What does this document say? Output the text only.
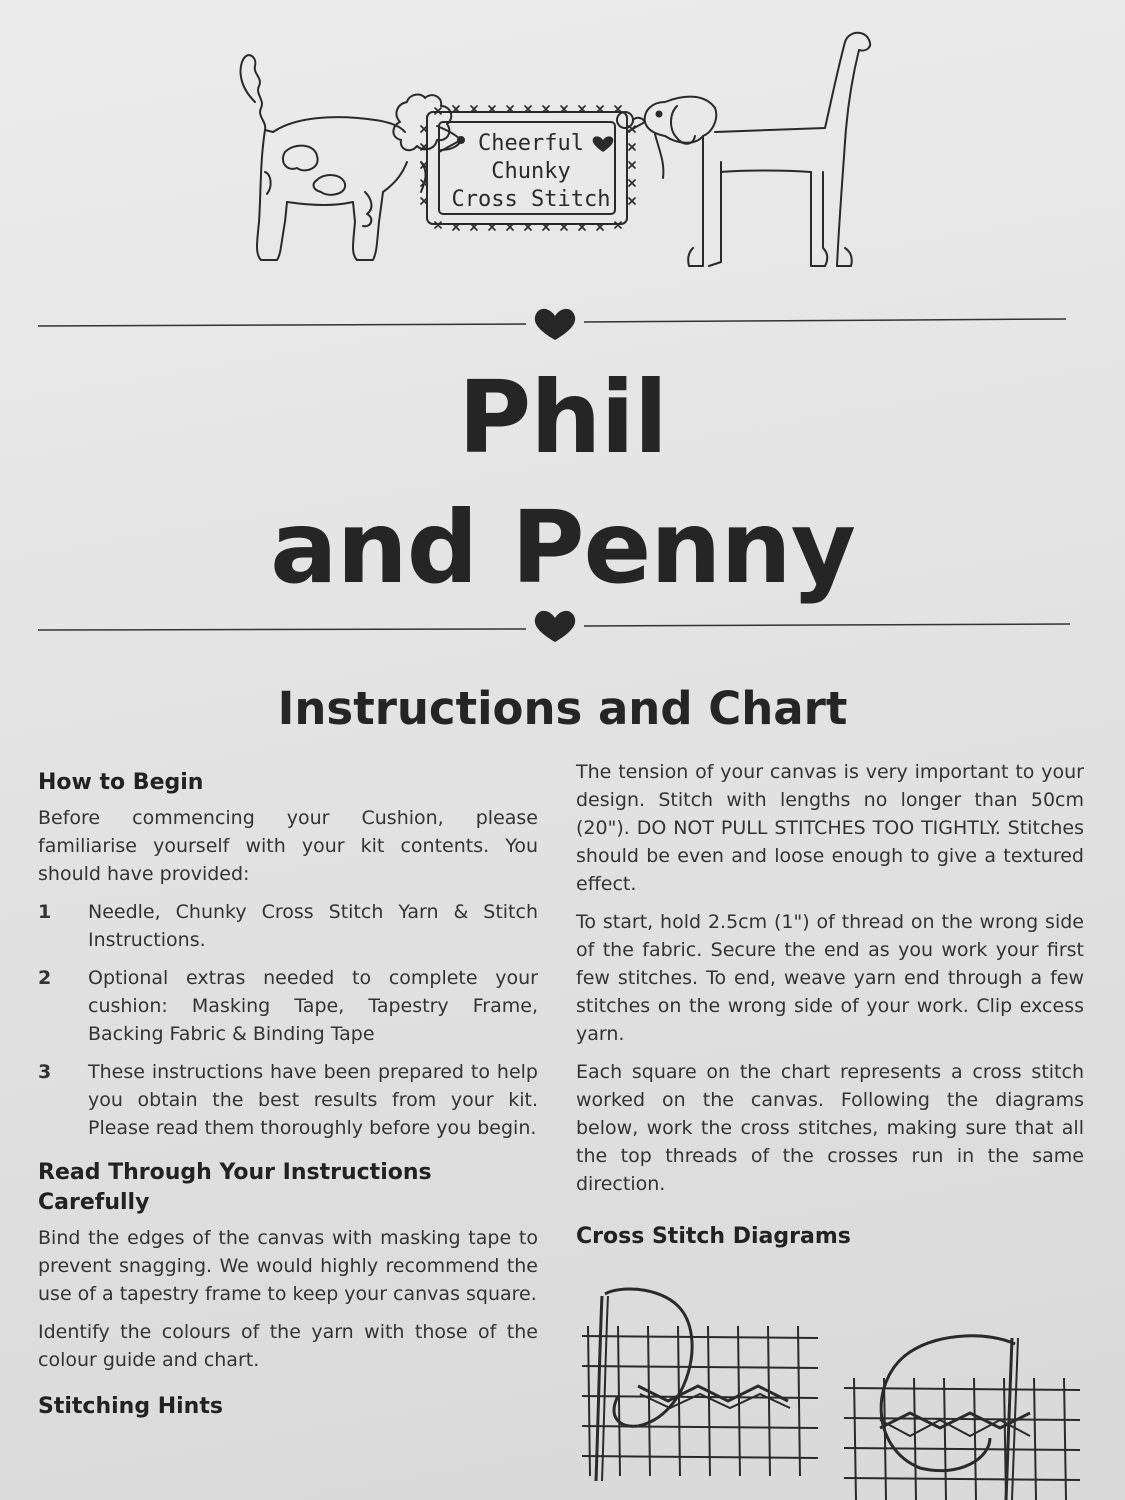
Cheerful
Chunky
Cross Stitch
Phil
and Penny
Instructions and Chart
How to Begin

Before commencing your Cushion, please familiarise yourself with your kit contents. You should have provided:

1	Needle, Chunky Cross Stitch Yarn & Stitch Instructions.
2	Optional extras needed to complete your cushion: Masking Tape, Tapestry Frame, Backing Fabric & Binding Tape
3	These instructions have been prepared to help you obtain the best results from your kit. Please read them thoroughly before you begin.
Read Through Your Instructions Carefully

Bind the edges of the canvas with masking tape to prevent snagging. We would highly recommend the use of a tapestry frame to keep your canvas square.

Identify the colours of the yarn with those of the colour guide and chart.

Stitching Hints

The tension of your canvas is very important to your design. Stitch with lengths no longer than 50cm (20"). DO NOT PULL STITCHES TOO TIGHTLY. Stitches should be even and loose enough to give a textured effect.

To start, hold 2.5cm (1") of thread on the wrong side of the fabric. Secure the end as you work your first few stitches. To end, weave yarn end through a few stitches on the wrong side of your work. Clip excess yarn.

Each square on the chart represents a cross stitch worked on the canvas. Following the diagrams below, work the cross stitches, making sure that all the top threads of the crosses run in the same direction.

Cross Stitch Diagrams
